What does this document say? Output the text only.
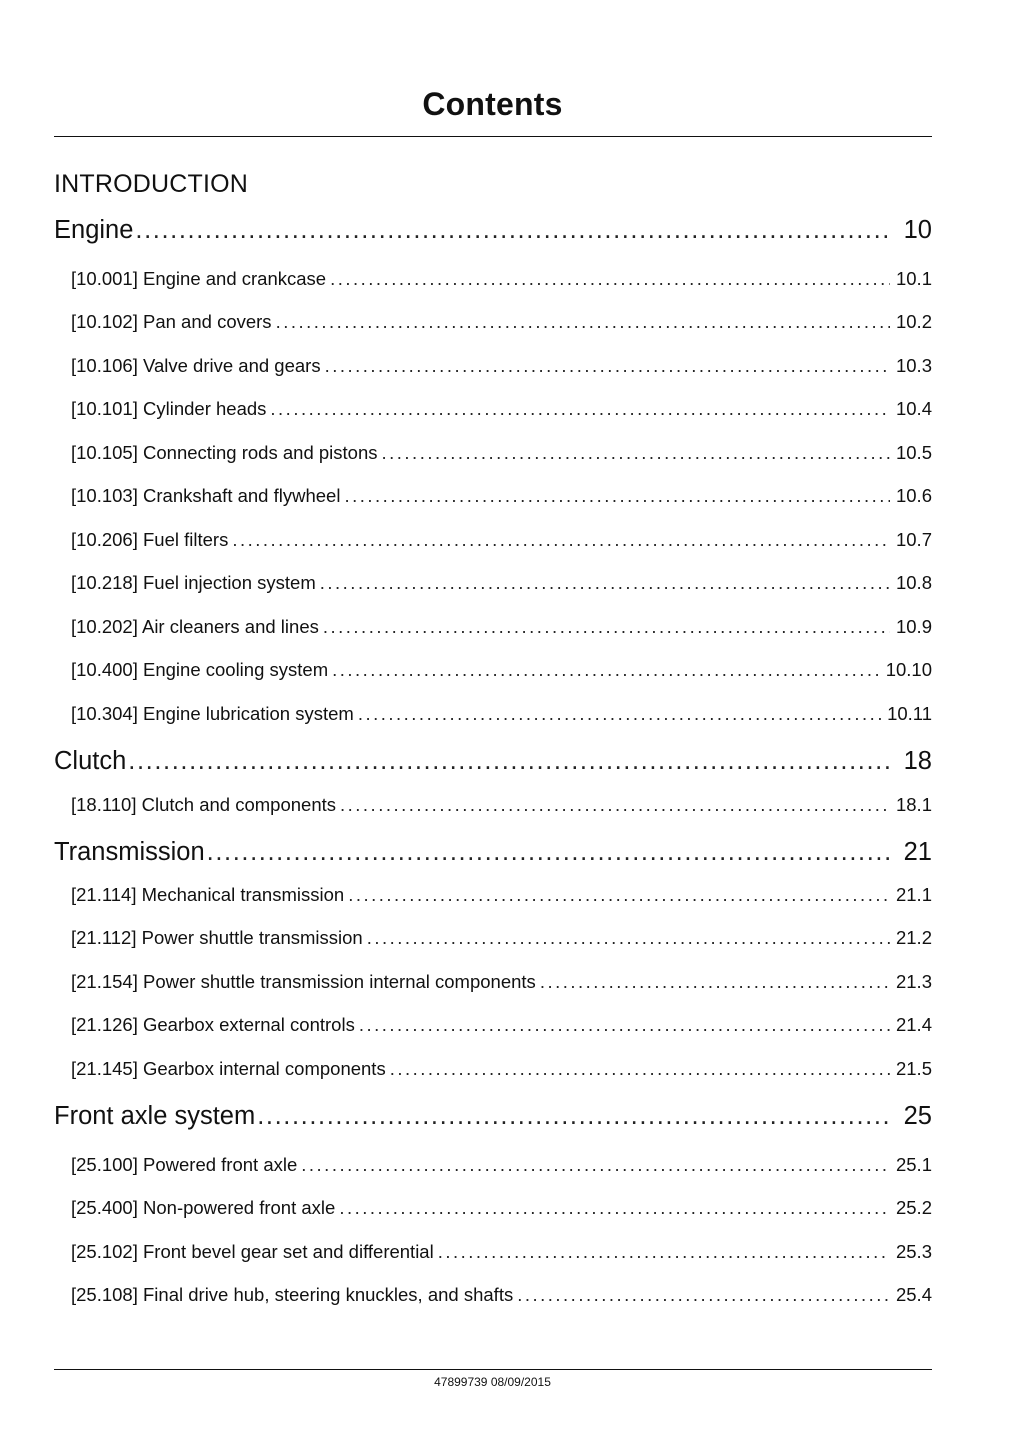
Contents
INTRODUCTION
Engine .....	10
[10.001] Engine and crankcase .....	10.1
[10.102] Pan and covers .....	10.2
[10.106] Valve drive and gears .....	10.3
[10.101] Cylinder heads .....	10.4
[10.105] Connecting rods and pistons .....	10.5
[10.103] Crankshaft and flywheel .....	10.6
[10.206] Fuel filters .....	10.7
[10.218] Fuel injection system .....	10.8
[10.202] Air cleaners and lines .....	10.9
[10.400] Engine cooling system .....	10.10
[10.304] Engine lubrication system .....	10.11
Clutch .....	18
[18.110] Clutch and components .....	18.1
Transmission .....	21
[21.114] Mechanical transmission .....	21.1
[21.112] Power shuttle transmission .....	21.2
[21.154] Power shuttle transmission internal components .....	21.3
[21.126] Gearbox external controls .....	21.4
[21.145] Gearbox internal components .....	21.5
Front axle system .....	25
[25.100] Powered front axle .....	25.1
[25.400] Non-powered front axle .....	25.2
[25.102] Front bevel gear set and differential .....	25.3
[25.108] Final drive hub, steering knuckles, and shafts .....	25.4
47899739 08/09/2015
